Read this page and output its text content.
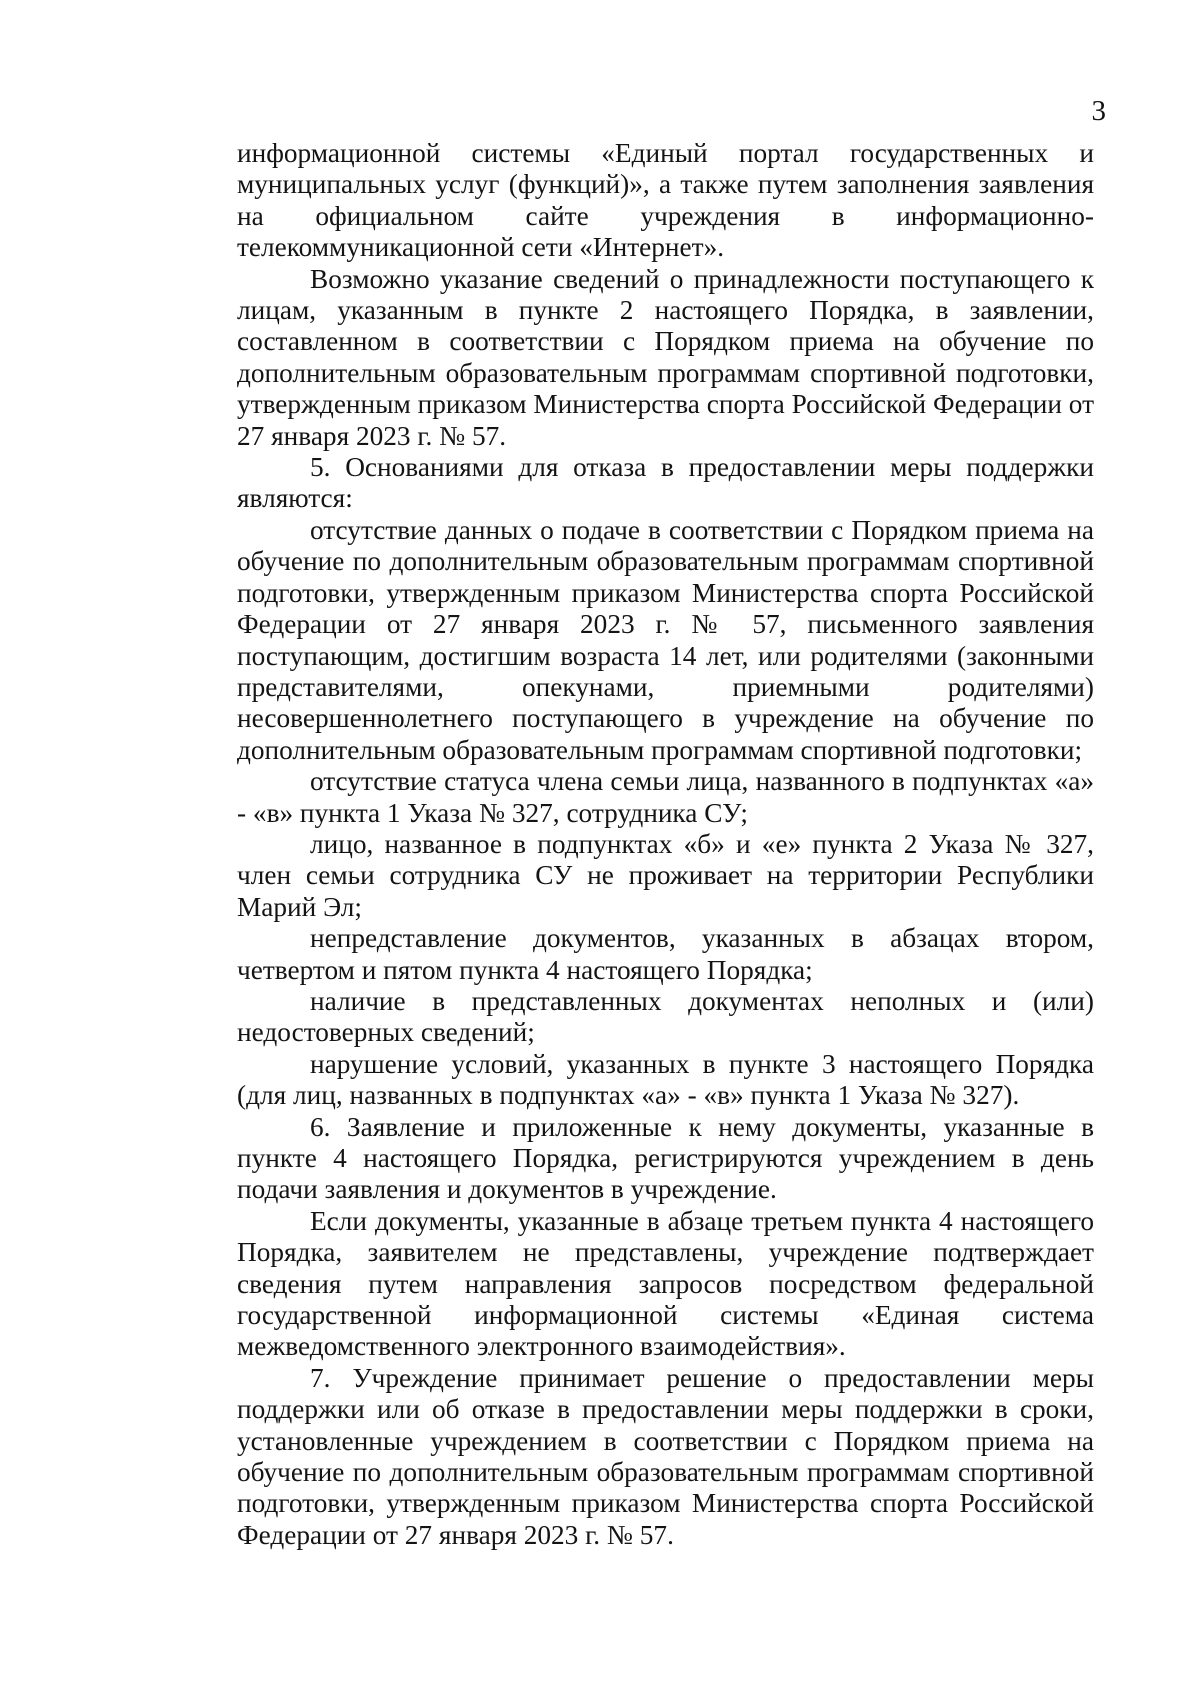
3

информационной системы «Единый портал государственных и муниципальных услуг (функций)», а также путем заполнения заявления на официальном сайте учреждения в информационно-телекоммуникационной сети «Интернет».

Возможно указание сведений о принадлежности поступающего к лицам, указанным в пункте 2 настоящего Порядка, в заявлении, составленном в соответствии с Порядком приема на обучение по дополнительным образовательным программам спортивной подготовки, утвержденным приказом Министерства спорта Российской Федерации от 27 января 2023 г. № 57.

5. Основаниями для отказа в предоставлении меры поддержки являются:

отсутствие данных о подаче в соответствии с Порядком приема на обучение по дополнительным образовательным программам спортивной подготовки, утвержденным приказом Министерства спорта Российской Федерации от 27 января 2023 г. № 57, письменного заявления поступающим, достигшим возраста 14 лет, или родителями (законными представителями, опекунами, приемными родителями) несовершеннолетнего поступающего в учреждение на обучение по дополнительным образовательным программам спортивной подготовки;

отсутствие статуса члена семьи лица, названного в подпунктах «а» - «в» пункта 1 Указа № 327, сотрудника СУ;

лицо, названное в подпунктах «б» и «е» пункта 2 Указа № 327, член семьи сотрудника СУ не проживает на территории Республики Марий Эл;

непредставление документов, указанных в абзацах втором, четвертом и пятом пункта 4 настоящего Порядка;

наличие в представленных документах неполных и (или) недостоверных сведений;

нарушение условий, указанных в пункте 3 настоящего Порядка (для лиц, названных в подпунктах «а» - «в» пункта 1 Указа № 327).

6. Заявление и приложенные к нему документы, указанные в пункте 4 настоящего Порядка, регистрируются учреждением в день подачи заявления и документов в учреждение.

Если документы, указанные в абзаце третьем пункта 4 настоящего Порядка, заявителем не представлены, учреждение подтверждает сведения путем направления запросов посредством федеральной государственной информационной системы «Единая система межведомственного электронного взаимодействия».

7. Учреждение принимает решение о предоставлении меры поддержки или об отказе в предоставлении меры поддержки в сроки, установленные учреждением в соответствии с Порядком приема на обучение по дополнительным образовательным программам спортивной подготовки, утвержденным приказом Министерства спорта Российской Федерации от 27 января 2023 г. № 57.
